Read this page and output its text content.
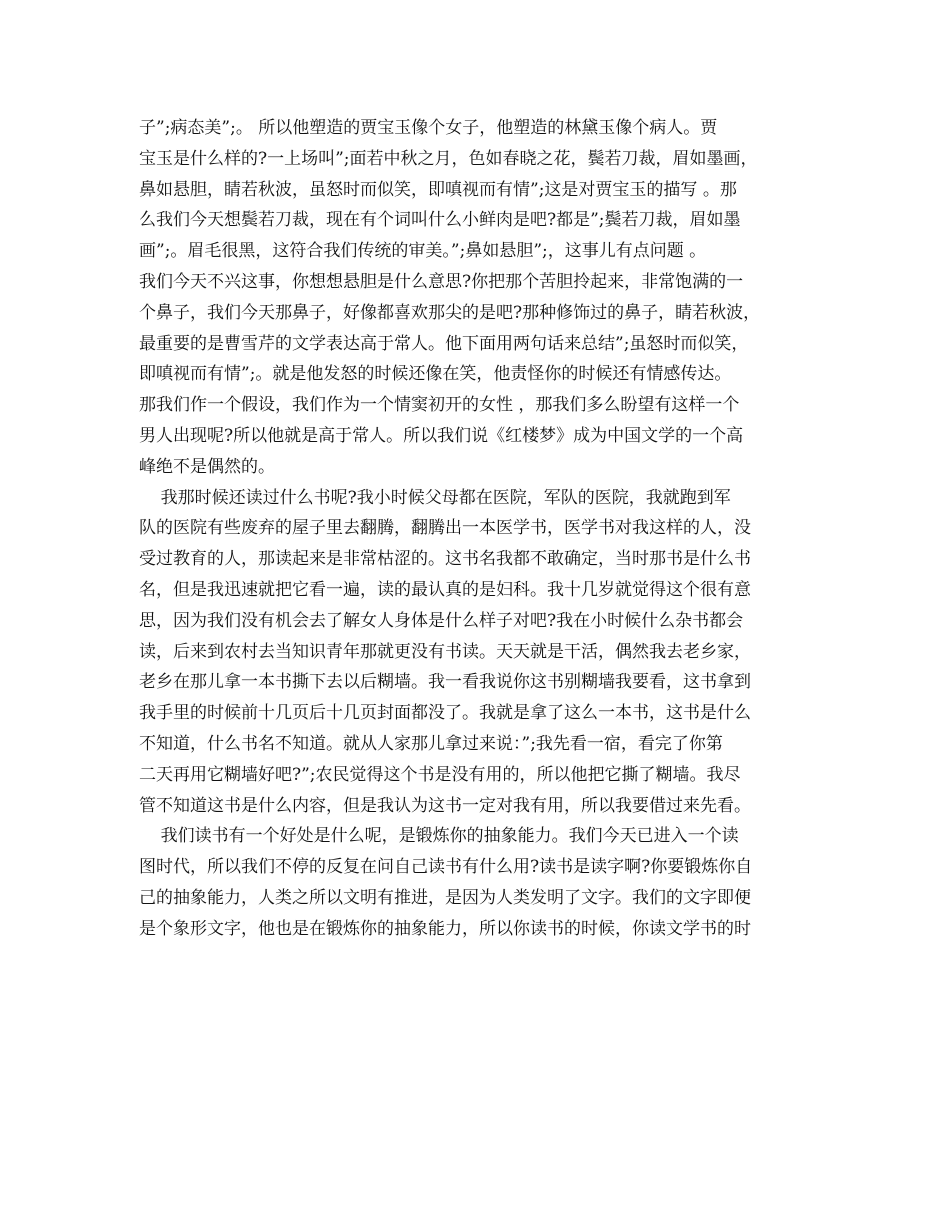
子”;病态美”;。 所以他塑造的贾宝玉像个女子，他塑造的林黛玉像个病人。贾
宝玉是什么样的?一上场叫”;面若中秋之月，色如春晓之花，鬓若刀裁，眉如墨画，
鼻如悬胆，睛若秋波，虽怒时而似笑，即嗔视而有情”;这是对贾宝玉的描写 。那
么我们今天想鬓若刀裁，现在有个词叫什么小鲜肉是吧?都是”;鬓若刀裁，眉如墨
画”;。眉毛很黑，这符合我们传统的审美。”;鼻如悬胆”;，这事儿有点问题 。
我们今天不兴这事，你想想悬胆是什么意思?你把那个苦胆拎起来，非常饱满的一
个鼻子，我们今天那鼻子，好像都喜欢那尖的是吧?那种修饰过的鼻子，睛若秋波，
最重要的是曹雪芹的文学表达高于常人。他下面用两句话来总结”;虽怒时而似笑，
即嗔视而有情”;。就是他发怒的时候还像在笑，他责怪你的时候还有情感传达。
那我们作一个假设，我们作为一个情窦初开的女性 ，那我们多么盼望有这样一个
男人出现呢?所以他就是高于常人。所以我们说《红楼梦》成为中国文学的一个高
峰绝不是偶然的。
我那时候还读过什么书呢?我小时候父母都在医院，军队的医院，我就跑到军
队的医院有些废弃的屋子里去翻腾，翻腾出一本医学书，医学书对我这样的人，没
受过教育的人，那读起来是非常枯涩的。这书名我都不敢确定，当时那书是什么书
名，但是我迅速就把它看一遍，读的最认真的是妇科。我十几岁就觉得这个很有意
思，因为我们没有机会去了解女人身体是什么样子对吧?我在小时候什么杂书都会
读，后来到农村去当知识青年那就更没有书读。天天就是干活，偶然我去老乡家，
老乡在那儿拿一本书撕下去以后糊墙。我一看我说你这书别糊墙我要看，这书拿到
我手里的时候前十几页后十几页封面都没了。我就是拿了这么一本书，这书是什么
不知道，什么书名不知道。就从人家那儿拿过来说：”;我先看一宿，看完了你第
二天再用它糊墙好吧?”;农民觉得这个书是没有用的，所以他把它撕了糊墙。我尽
管不知道这书是什么内容，但是我认为这书一定对我有用，所以我要借过来先看。
我们读书有一个好处是什么呢，是锻炼你的抽象能力。我们今天已进入一个读
图时代，所以我们不停的反复在问自己读书有什么用?读书是读字啊?你要锻炼你自
己的抽象能力，人类之所以文明有推进，是因为人类发明了文字。我们的文字即便
是个象形文字，他也是在锻炼你的抽象能力，所以你读书的时候，你读文学书的时
